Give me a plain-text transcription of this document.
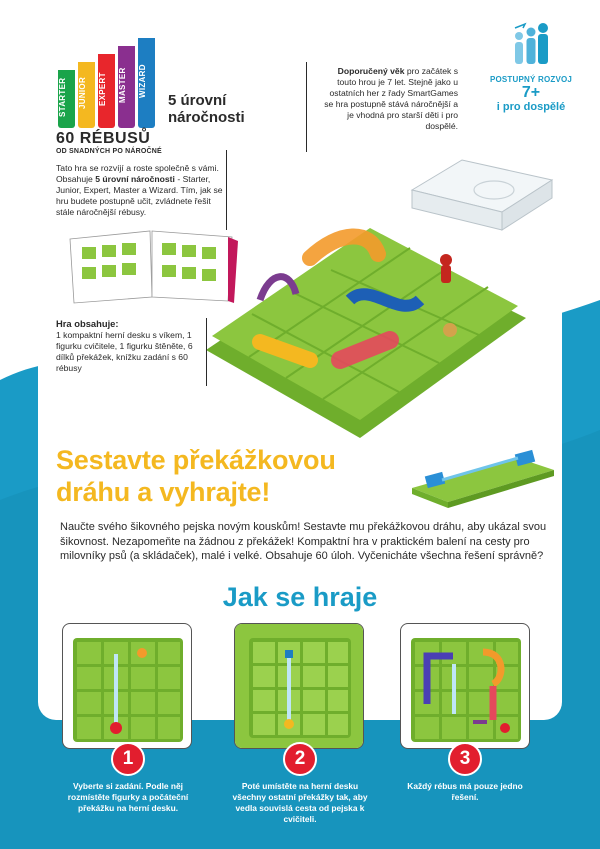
STARTER JUNIOR EXPERT MASTER WIZARD
5 úrovní
náročnosti
60 RÉBUSŮ
OD SNADNÝCH PO NÁROČNÉ
Tato hra se rozvíjí a roste společně s vámi. Obsahuje 5 úrovní náročnosti - Starter, Junior, Expert, Master a Wizard. Tím, jak se hru budete postupně učit, zvládnete řešit stále náročnější rébusy.
Doporučený věk pro začátek s touto hrou je 7 let. Stejně jako u ostatních her z řady SmartGames se hra postupně stává náročnější a je vhodná pro starší děti i pro dospělé.
POSTUPNÝ ROZVOJ
7+
i pro dospělé
Hra obsahuje:
1 kompaktní herní desku s víkem, 1 figurku cvičitele, 1 figurku štěněte, 6 dílků překážek, knížku zadání s 60 rébusy
Sestavte překážkovou
dráhu a vyhrajte!
Naučte svého šikovného pejska novým kouskům! Sestavte mu překážkovou dráhu, aby ukázal svou šikovnost. Nezapomeňte na žádnou z překážek! Kompaktní hra v praktickém balení na cesty pro milovníky psů (a skládaček), malé i velké. Obsahuje 60 úloh. Vyčenicháte všechna řešení správně?
Jak se hraje
1	2	3
Vyberte si zadání. Podle něj rozmístěte figurky a počáteční překážku na herní desku.
Poté umístěte na herní desku všechny ostatní překážky tak, aby vedla souvislá cesta od pejska k cvičiteli.
Každý rébus má pouze jedno řešení.
